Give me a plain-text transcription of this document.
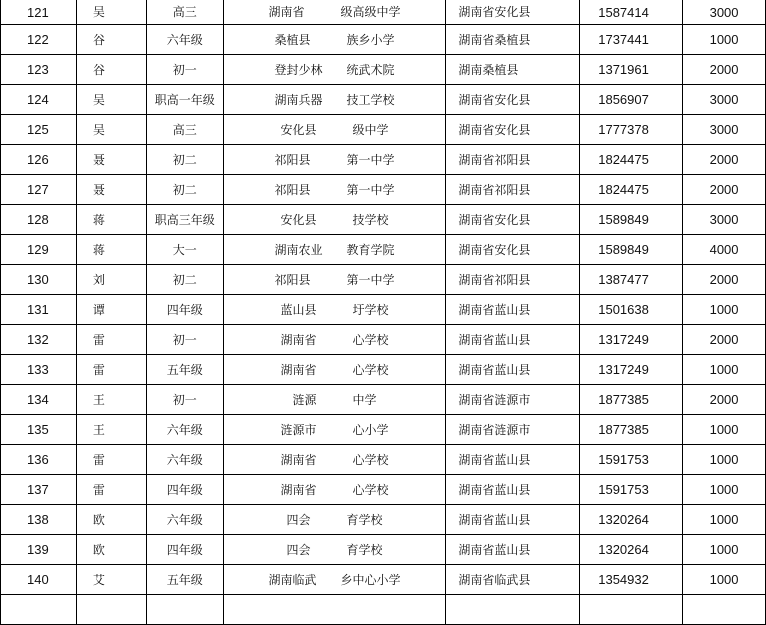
121	吴	高三	湖南省　　　级高级中学	湖南省安化县	1587414	3000
122	谷	六年级	桑植县　　　族乡小学	湖南省桑植县	1737441	1000
123	谷	初一	登封少林　　统武术院	湖南桑植县	1371961	2000
124	吴	职高一年级	湖南兵器　　技工学校	湖南省安化县	1856907	3000
125	吴	高三	安化县　　　级中学	湖南省安化县	1777378	3000
126	聂	初二	祁阳县　　　第一中学	湖南省祁阳县	1824475	2000
127	聂	初二	祁阳县　　　第一中学	湖南省祁阳县	1824475	2000
128	蒋	职高三年级	安化县　　　技学校	湖南省安化县	1589849	3000
129	蒋	大一	湖南农业　　教育学院	湖南省安化县	1589849	4000
130	刘	初二	祁阳县　　　第一中学	湖南省祁阳县	1387477	2000
131	谭	四年级	蓝山县　　　圩学校	湖南省蓝山县	1501638	1000
132	雷	初一	湖南省　　　心学校	湖南省蓝山县	1317249	2000
133	雷	五年级	湖南省　　　心学校	湖南省蓝山县	1317249	1000
134	王	初一	涟源　　　中学	湖南省涟源市	1877385	2000
135	王	六年级	涟源市　　　心小学	湖南省涟源市	1877385	1000
136	雷	六年级	湖南省　　　心学校	湖南省蓝山县	1591753	1000
137	雷	四年级	湖南省　　　心学校	湖南省蓝山县	1591753	1000
138	欧	六年级	四会　　　育学校	湖南省蓝山县	1320264	1000
139	欧	四年级	四会　　　育学校	湖南省蓝山县	1320264	1000
140	艾	五年级	湖南临武　　乡中心小学	湖南省临武县	1354932	1000
